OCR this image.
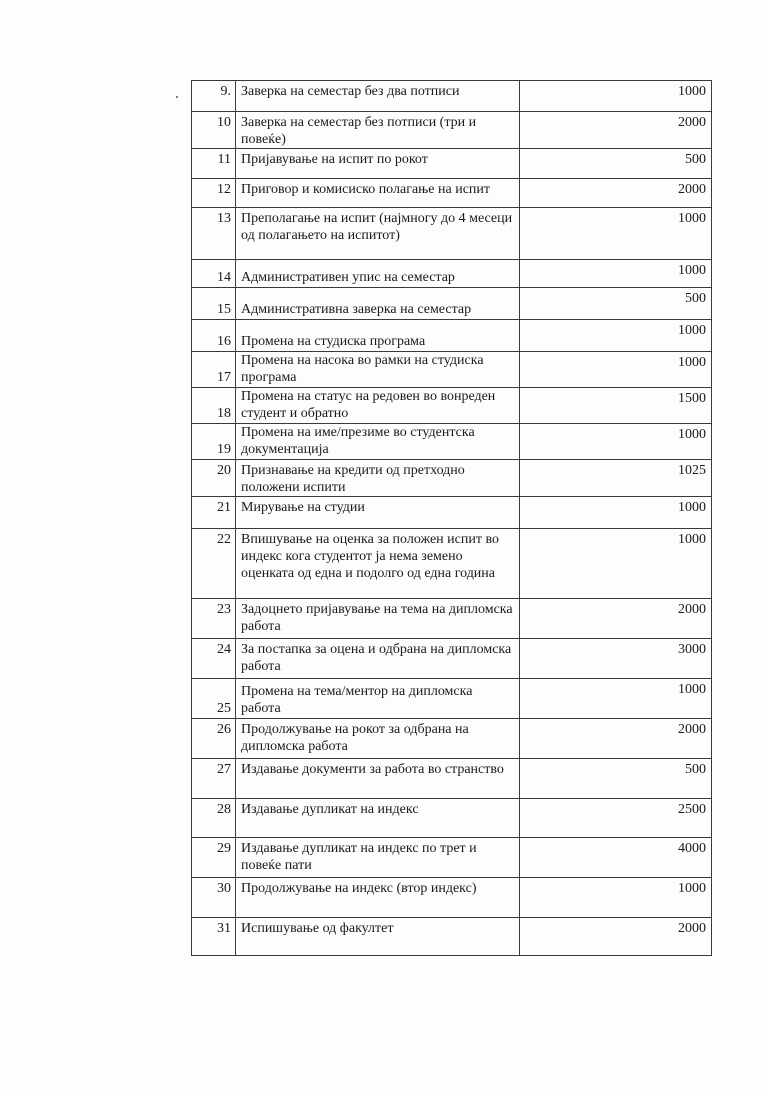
9.	Заверка на семестар без два потписи	1000
10	Заверка на семестар без потписи (три и повеќе)	2000
11	Пријавување на испит по рокот	500
12	Приговор и комисиско полагање на испит	2000
13	Преполагање на испит (најмногу до 4 месеци од полагањето на испитот)	1000
14	Административен упис на семестар	1000
15	Административна заверка на семестар	500
16	Промена на студиска програма	1000
17	Промена на насока во рамки на студиска програма	1000
18	Промена на статус на редовен во вонреден студент и обратно	1500
19	Промена на име/презиме во студентска документација	1000
20	Признавање на кредити од претходно положени испити	1025
21	Мирување на студии	1000
22	Впишување на оценка за положен испит во индекс кога студентот ја нема земено оценката од една и подолго од една година	1000
23	Задоцнето пријавување на тема на дипломска работа	2000
24	За постапка за оцена и одбрана на дипломска работа	3000
25	Промена на тема/ментор на дипломска работа	1000
26	Продолжување на рокот за одбрана на дипломска работа	2000
27	Издавање документи за работа во странство	500
28	Издавање дупликат на индекс	2500
29	Издавање дупликат на индекс по трет и повеќе пати	4000
30	Продолжување на индекс (втор индекс)	1000
31	Испишување од факултет	2000
